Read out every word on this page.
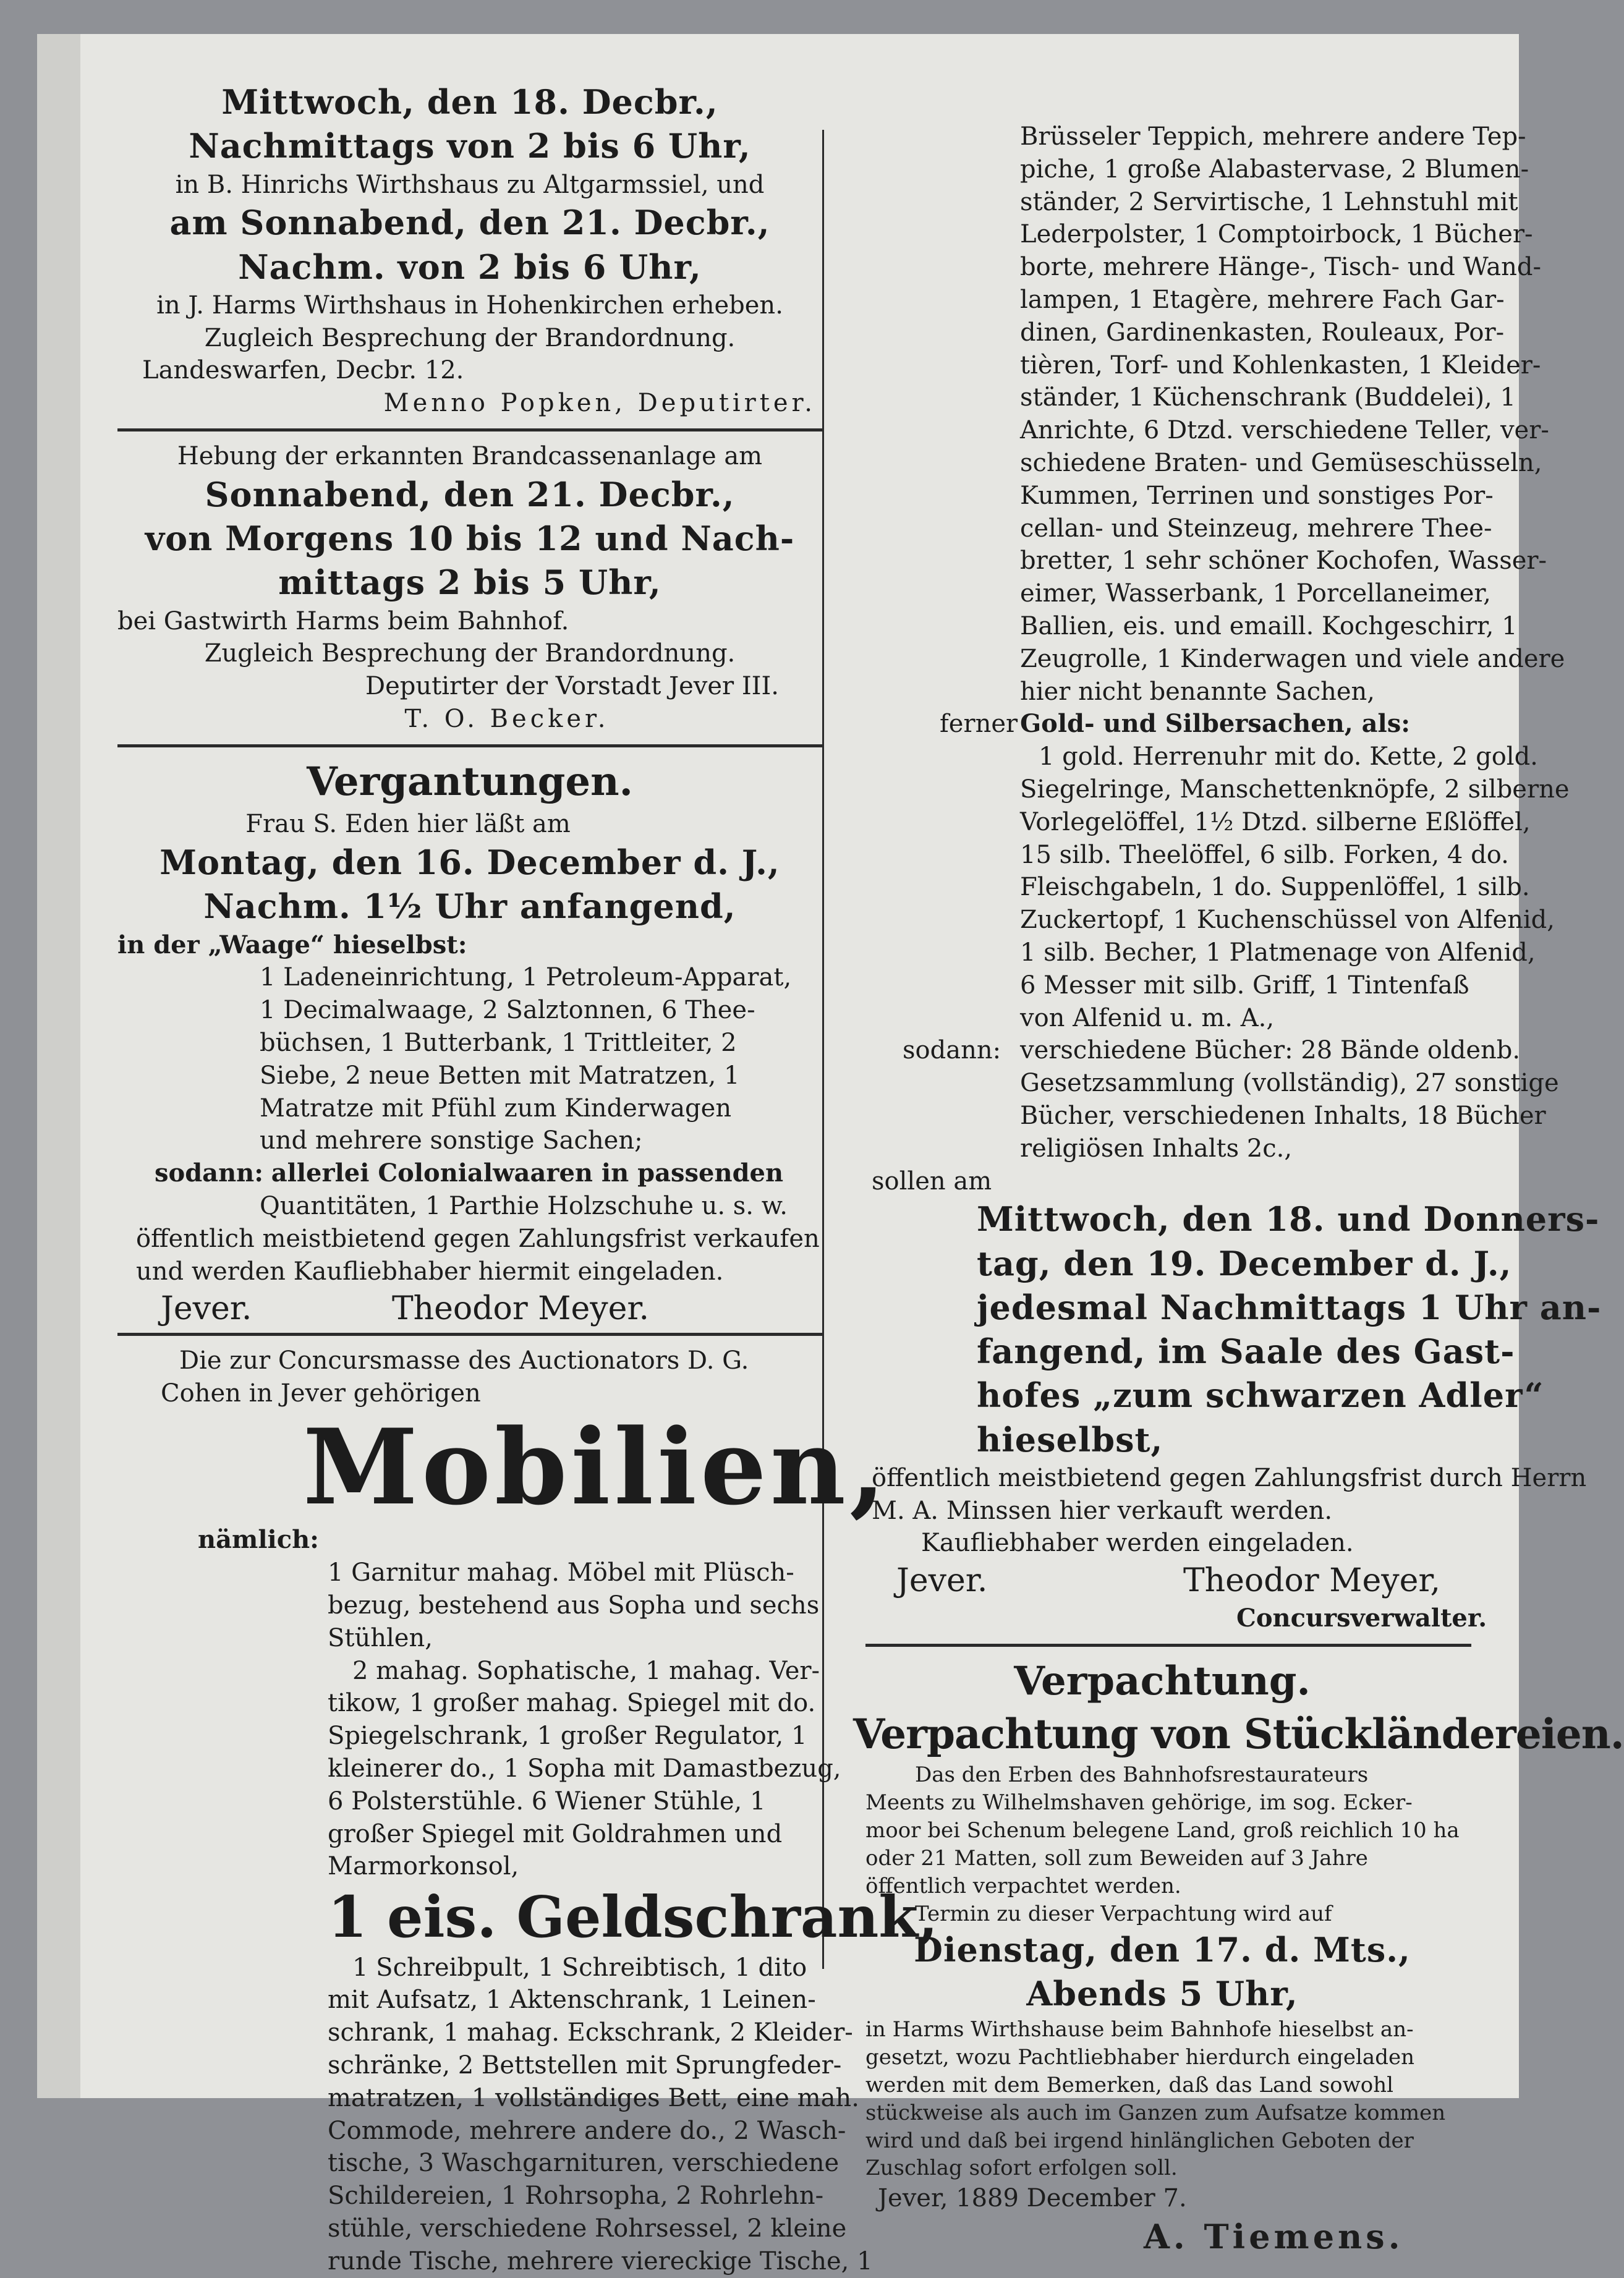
Mittwoch, den 18. Decbr.,
Nachmittags von 2 bis 6 Uhr,
in B. Hinrichs Wirthshaus zu Altgarmssiel, und
am Sonnabend, den 21. Decbr.,
Nachm. von 2 bis 6 Uhr,
in J. Harms Wirthshaus in Hohenkirchen erheben.
Zugleich Besprechung der Brandordnung.
Landeswarfen, Decbr. 12.
Menno Popken, Deputirter.
Hebung der erkannten Brandcassenanlage am
Sonnabend, den 21. Decbr.,
von Morgens 10 bis 12 und Nach-
mittags 2 bis 5 Uhr,
bei Gastwirth Harms beim Bahnhof.
Zugleich Besprechung der Brandordnung.
Deputirter der Vorstadt Jever III.
T. O. Becker.
Vergantungen.
Frau S. Eden hier läßt am
Montag, den 16. December d. J.,
Nachm. 1½ Uhr anfangend,
in der „Waage“ hieselbst:
1 Ladeneinrichtung, 1 Petroleum-Apparat,
1 Decimalwaage, 2 Salztonnen, 6 Thee-
büchsen, 1 Butterbank, 1 Trittleiter, 2
Siebe, 2 neue Betten mit Matratzen, 1
Matratze mit Pfühl zum Kinderwagen
und mehrere sonstige Sachen;
sodann: allerlei Colonialwaaren in passenden
Quantitäten, 1 Parthie Holzschuhe u. s. w.
öffentlich meistbietend gegen Zahlungsfrist verkaufen
und werden Kaufliebhaber hiermit eingeladen.
Jever.	Theodor Meyer.
Die zur Concursmasse des Auctionators D. G.
Cohen in Jever gehörigen
Mobilien,
nämlich:
1 Garnitur mahag. Möbel mit Plüsch-
bezug, bestehend aus Sopha und sechs
Stühlen,
2 mahag. Sophatische, 1 mahag. Ver-
tikow, 1 großer mahag. Spiegel mit do.
Spiegelschrank, 1 großer Regulator, 1
kleinerer do., 1 Sopha mit Damastbezug,
6 Polsterstühle. 6 Wiener Stühle, 1
großer Spiegel mit Goldrahmen und
Marmorkonsol,
1 eis. Geldschrank,
1 Schreibpult, 1 Schreibtisch, 1 dito
mit Aufsatz, 1 Aktenschrank, 1 Leinen-
schrank, 1 mahag. Eckschrank, 2 Kleider-
schränke, 2 Bettstellen mit Sprungfeder-
matratzen, 1 vollständiges Bett, eine mah.
Commode, mehrere andere do., 2 Wasch-
tische, 3 Waschgarnituren, verschiedene
Schildereien, 1 Rohrsopha, 2 Rohrlehn-
stühle, verschiedene Rohrsessel, 2 kleine
runde Tische, mehrere viereckige Tische, 1
Brüsseler Teppich, mehrere andere Tep-
piche, 1 große Alabastervase, 2 Blumen-
ständer, 2 Servirtische, 1 Lehnstuhl mit
Lederpolster, 1 Comptoirbock, 1 Bücher-
borte, mehrere Hänge-, Tisch- und Wand-
lampen, 1 Etagère, mehrere Fach Gar-
dinen, Gardinenkasten, Rouleaux, Por-
tièren, Torf- und Kohlenkasten, 1 Kleider-
ständer, 1 Küchenschrank (Buddelei), 1
Anrichte, 6 Dtzd. verschiedene Teller, ver-
schiedene Braten- und Gemüseschüsseln,
Kummen, Terrinen und sonstiges Por-
cellan- und Steinzeug, mehrere Thee-
bretter, 1 sehr schöner Kochofen, Wasser-
eimer, Wasserbank, 1 Porcellaneimer,
Ballien, eis. und emaill. Kochgeschirr, 1
Zeugrolle, 1 Kinderwagen und viele andere
hier nicht benannte Sachen,
fernerGold- und Silbersachen, als:
1 gold. Herrenuhr mit do. Kette, 2 gold.
Siegelringe, Manschettenknöpfe, 2 silberne
Vorlegelöffel, 1½ Dtzd. silberne Eßlöffel,
15 silb. Theelöffel, 6 silb. Forken, 4 do.
Fleischgabeln, 1 do. Suppenlöffel, 1 silb.
Zuckertopf, 1 Kuchenschüssel von Alfenid,
1 silb. Becher, 1 Platmenage von Alfenid,
6 Messer mit silb. Griff, 1 Tintenfaß
von Alfenid u. m. A.,
sodann: verschiedene Bücher: 28 Bände oldenb.
Gesetzsammlung (vollständig), 27 sonstige
Bücher, verschiedenen Inhalts, 18 Bücher
religiösen Inhalts 2c.,
sollen am
Mittwoch, den 18. und Donners-
tag, den 19. December d. J.,
jedesmal Nachmittags 1 Uhr an-
fangend, im Saale des Gast-
hofes „zum schwarzen Adler“
hieselbst,
öffentlich meistbietend gegen Zahlungsfrist durch Herrn
M. A. Minssen hier verkauft werden.
Kaufliebhaber werden eingeladen.
Jever.	Theodor Meyer,
Concursverwalter.
Verpachtung.
Verpachtung von Stückländereien.
Das den Erben des Bahnhofsrestaurateurs
Meents zu Wilhelmshaven gehörige, im sog. Ecker-
moor bei Schenum belegene Land, groß reichlich 10 ha
oder 21 Matten, soll zum Beweiden auf 3 Jahre
öffentlich verpachtet werden.
Termin zu dieser Verpachtung wird auf
Dienstag, den 17. d. Mts.,
Abends 5 Uhr,
in Harms Wirthshause beim Bahnhofe hieselbst an-
gesetzt, wozu Pachtliebhaber hierdurch eingeladen
werden mit dem Bemerken, daß das Land sowohl
stückweise als auch im Ganzen zum Aufsatze kommen
wird und daß bei irgend hinlänglichen Geboten der
Zuschlag sofort erfolgen soll.
Jever, 1889 December 7.
A. Tiemens.
